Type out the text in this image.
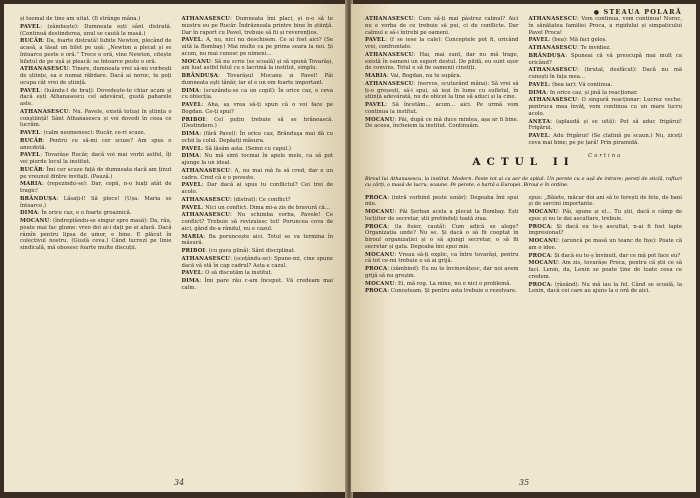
și toemal de tine am uitat. (Il strânge mâna.)

PAVEL: (zâmbește): Dumneata ești sânt distrată. (Continuă destinderea, unul se caută la masă.)

RUCĂR: Da, foarte distrată! Iubite Newton, plecând de acasă, a lăsat un bilet pe ușă: „Newton a plecat și se întoarce peste o oră.” Trece o oră, vine Newton, citește biletul de pe ușă și pleacă: se întoarce peste o oră.

ATHANASESCU: Tinere, dumneata vrei să-mi vorbești de științe, ea e numai răbdare. Dacă ai noroc, te poți ocupa cât vrei de știință.

PAVEL: (luându-l de braț): Dovedește-te chiar acum și dacă ești Athanasescu cel adevărat, gustă paharele aste.

ATHANASESCU: Nu. Pavele, există totuși în știința o conștiință! Sânt Athanasescu și voi dovedi în ceea ce lucrăm.

PAVEL: (calm neomenesc): Rucăr, ce-ri scuze.

RUCĂR: Pentru ce să-mi cer scuze? Am spus o anecdotă.

PAVEL: Tovarășe Rucăr, dacă voi mai vorbi astfel, îți vei pierde locul la institut.

RUCĂR: Îmi cer scuze față de dumneata dacă am ținut pe vreunul dintre invitați. (Pauză.)

MARIA: (repezindu-se): Dar, copii, n-o luați atât de tragic!

BRÂNDUȘA: Lăsați-l! Să plece! (Ușa. Maria se întoarce.)

DIMA: În orice caz, e o foarte groaznică.

MOCANU: (îndreptându-se singur spre masă): Da, râu, poate mai fac glume: vreo doi ai-i dați pe ei afară. Dacă râmîn pentru lipsa de umor, e bine. E plăcut în colectivul nostru. (Gustă ceva.) Când lucrezi pe linie sindicală, mă obosesc foarte multe discuții.

ATHANASESCU: Dumneata îmi placi, și n-o să te mustru eu pe Rucăr. Îndrăzneala printre bine în știință. Dar în raport cu Pavel, trebuie să fii și reverențios.

PAVEL: A, nu, nici nu deschisem. Ce ai fost aici? (Se uită la Bombay.) Mai multe ca pe prima seara la noi. Și acum, nu mai cunosc pe nimeni...

MOCANU: Să nu scrie (se scoală) și să spună Tovarăși, am luat astfel felul cu o lacrimă la institut, simplu.

BRÂNDUȘA: Tovarășul Mocanu și Pavel! Păi dumneata eşti tânăr, iar el e un om foarte important.

DIMA: (scuzându-se ca un copil): În orice caz, e ceva cu obiecția.

PAVEL: Aha, aș vrea să-ți spun că o voi face pe Bogdan. Ce-ți spui?

PRIBOI: Cel puțin trebuie să se hrănească. (Destindere.)

DIMA: (fără Pavel): În orice caz, Brânduşa mai dă cu ochii la colul. Depășiți măsura.

PAVEL: Să lăsăm asta. (Semn cu capul.)

DIMA: Nu mă simt tocmai în apele mele, ca să pot ajunge la un ideal.

ATHANASESCU: A, nu mai mă fa să cred, dar e un cadru. Cred că e o poveste.

PAVEL: Dar dacă ai spus tu conflictul? Cei trei de acolo.

ATHANASESCU: (distrat): Ce conflict?

PAVEL: Nici un conflict. Dima mi-a zis de bravură că...

ATHANASESCU: Nu schimba vorba, Pavele! Ce conflict? Trebuie să revizuiesc tot! Poruncea ceva de aici, gând de-a rândul, nu e cazul.

MARIA: Ba poruncește aici. Totul se va termina în măsură.

PRIBOI: (cu gura plină): Sânt disciplinat.

ATHANASESCU: (scoțându-se): Spune-mi, cine spune dacă vă stă în cap cadrul? Asta e cazul.

PAVEL: O să discutăm la institut.

DIMA: Îmi pare rău c-am început. Vă credeam mai calm.

34
● STEAUA POLARĂ

ATHANASESCU: Cum să-ți mai păstrez calmul? Aici nu e vorba de ce trebuie să pui, ci de conflicte. Dar calmul e să-i întrebi pe oameni.

PAVEL: (f se iese la cale): Conceptele pot fi, oricând vrei, confruntate.

ATHANASESCU: Hai, mai sunt, dar nu mă trage, există în oameni un suport destul. De pildă, eu sunt ușor de convins. Totul e să fie oamenii cinstiți.

MARIA: Vai, Bogdan, nu te supăra.

ATHANASESCU: (nervos, scuturând mâna): Să vrei să ți-o greșești, să-i spui, să ieși în lume cu sufletul, în știință adevărată, nu de obicei la tine să aduci și la cine.

PAVEL: Să încetăm... acum... aici. Pe urmă vom continua la institut.

MOCANU: Păi, după ce mă duce mintea, așa ar fi bine. De aceea, încheiem la institut. Continuăm.

ATHANASESCU: Vom continua, vom continua! Noroc, în sănătatea familiei Proca, a rigidului și simpaticului Pavel Proca!

PAVEL: (bea): Mă faci geloș.

ATHANASESCU: Te invidiez.

BRÂNDUȘA: Spuneai că vă preocupă mai mult ca oricând?

ATHANASESCU: (brutal, desfăcut): Dacă nu mă cunoști în fața mea...

PAVEL: (bea iar): Vă continua.

DIMA: In orice caz, și jină la reacționar.

ATHANASESCU: O singură reacționar: Lucrez veche: pentruca mea învăț, vom continua cu un mare lucru acolo.

ANETA: (aplaudă și se uită): Pot să aduc frigărui! Frigărui.

PAVEL: Adu frigărui! (Se clatină pe scaun.) Nu, ziceți ceva mai bine; pe pe țară! Prin piramidă.

Cortina
ACTUL II
Biroul lui Athanasescu, la institut. Modern. Peste tot ai ca aer de spital. Un perete cu o ușă de intrare; pereți de sticlă, rafturi cu cărți, o masă de lucru, scaune. Pe perete, o hartă a Europei. Biroul e în ordine.

PROCA: (intră vorbind peste umăr): Degeaba îmi spui mie.

MOCANU: Păi Șerban acela a plecat la Bombay. Ești locțiitor de secretar, știi pretindeți toată ziua.

PROCA: (la fisier, caută): Cum adică se alege? Organizația unde? Nu se. Și dacă o să fii cooptat în biroul organizației și o să ajungi secretar, o să fii secretar și gata. Degeaba îmi spui mie.

MOCANU: Vreau să-ți explic, ca între tovarăși, pentru că tot ce-mi trebuie e să ai grijă.

PROCA: (zâmbind): Eu nu te învinovățesc, dar noi avem grijă să nu greșim.

MOCANU: Ei, mă rog. La mine, nu e nici o problemă.

PROCA: Cunoșteam. Și pentru asta trebuie o rezolvare.

spus: „Băiete, măcar doi ani să te ferești de fete, de bani și de sarcini importante.

MOCANU: Păi, spune și el... Tu știi, dacă e câmp de spus și nu le dai ascultare, trebuie.

PROCA: Și dacă eu te-ș ascultat, n-ai fi fost lapte impresionat?

MOCANU: (aruncă pe masă un teanc de fișe): Poate că am o idee.

PROCA: Și dacă eu te-ș învinuit, dar ce mă pot face eu?

MOCANU: Am zis, tovarășe Proca, pentru că știi ce să faci. Lenin, da, Lenin se poate ține de toate ceea ce credem.

PROCA: (râzând): Nu mă iau la fel. Când se scoală, la Lenin, dacă cei care au ajuns la o oră de aici.

35
